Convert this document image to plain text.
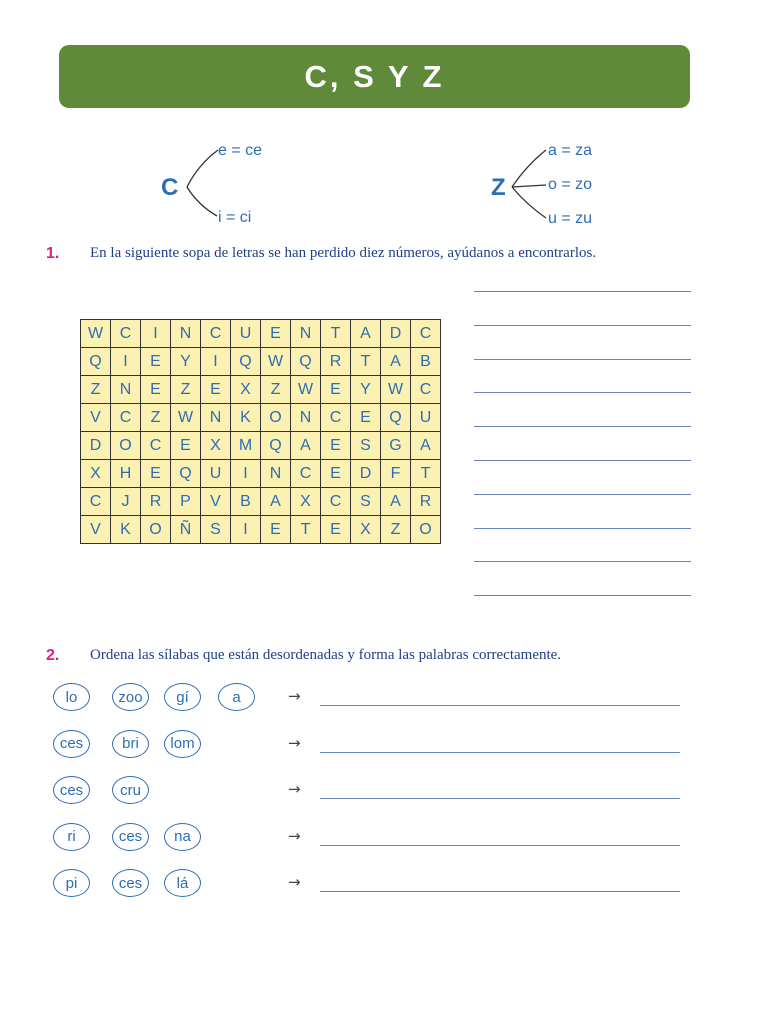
C, S Y Z
C
e = ce
i = ci
Z
a = za
o = zo
u = zu
1. En la siguiente sopa de letras se han perdido diez números, ayúdanos a encontrarlos.
W	C	I	N	C	U	E	N	T	A	D	C
Q	I	E	Y	I	Q	W	Q	R	T	A	B
Z	N	E	Z	E	X	Z	W	E	Y	W	C
V	C	Z	W	N	K	O	N	C	E	Q	U
D	O	C	E	X	M	Q	A	E	S	G	A
X	H	E	Q	U	I	N	C	E	D	F	T
C	J	R	P	V	B	A	X	C	S	A	R
V	K	O	Ñ	S	I	E	T	E	X	Z	O
2. Ordena las sílabas que están desordenadas y forma las palabras correctamente.
lo	zoo	gí	a	→
ces	bri	lom	→
ces	cru	→
ri	ces	na	→
pi	ces	lá	→
